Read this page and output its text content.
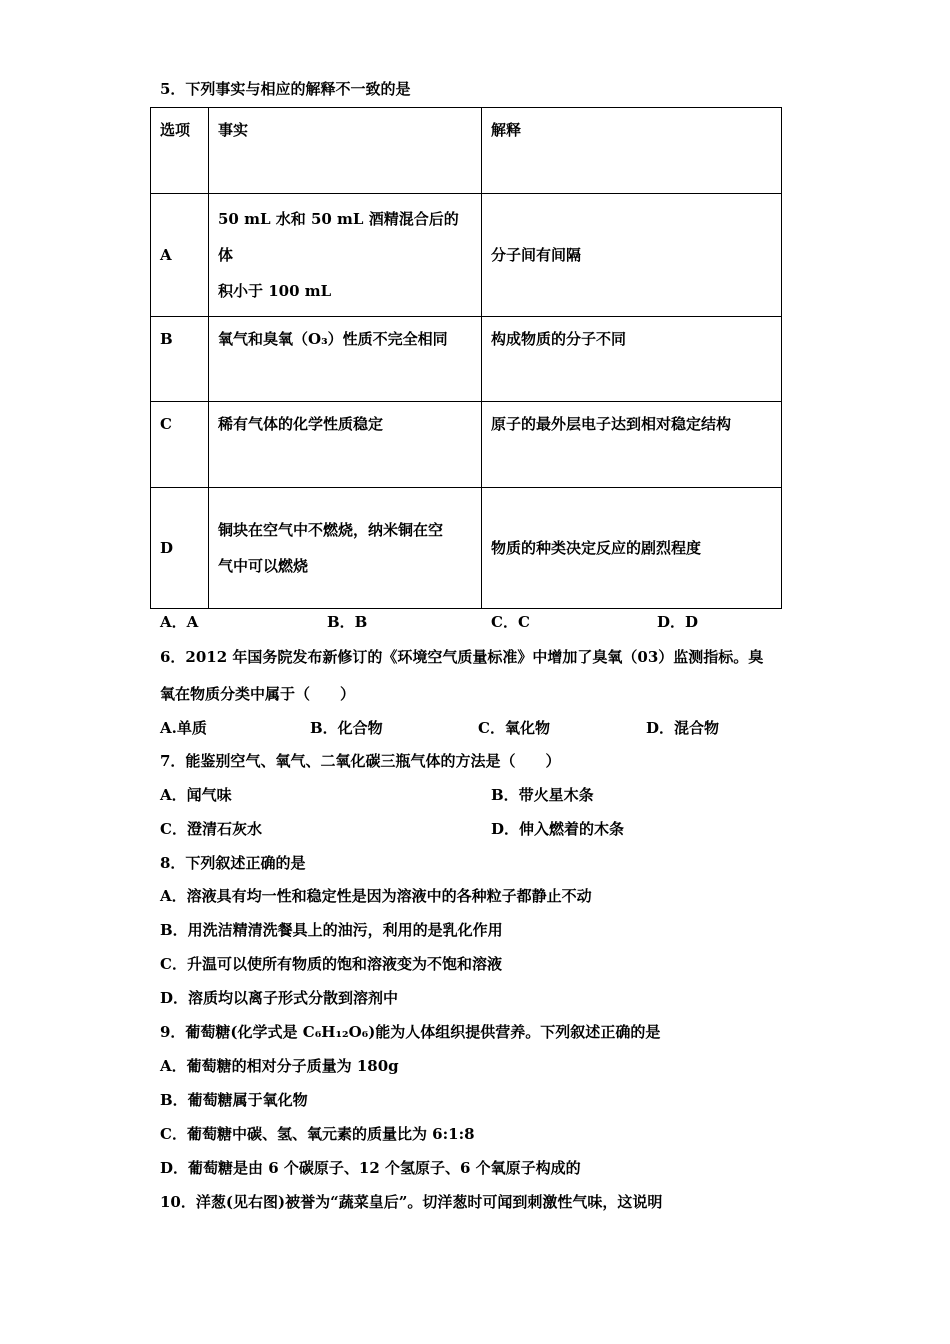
5．下列事实与相应的解释不一致的是
选项	事实	解释
A	50 mL 水和 50 mL 酒精混合后的体
积小于 100 mL	分子间有间隔
B	氧气和臭氧（O₃）性质不完全相同	构成物质的分子不同
C	稀有气体的化学性质稳定	原子的最外层电子达到相对稳定结构
D	铜块在空气中不燃烧，纳米铜在空
气中可以燃烧	物质的种类决定反应的剧烈程度
A．A	B．B	C．C	D．D
6．2012 年国务院发布新修订的《环境空气质量标准》中增加了臭氧（03）监测指标。臭
氧在物质分类中属于（　　）
A.单质	B．化合物	C．氧化物	D．混合物
7．能鉴别空气、氧气、二氧化碳三瓶气体的方法是（　　）
A．闻气味	B．带火星木条
C．澄清石灰水	D．伸入燃着的木条
8．下列叙述正确的是
A．溶液具有均一性和稳定性是因为溶液中的各种粒子都静止不动
B．用洗洁精清洗餐具上的油污，利用的是乳化作用
C．升温可以使所有物质的饱和溶液变为不饱和溶液
D．溶质均以离子形式分散到溶剂中
9．葡萄糖(化学式是 C₆H₁₂O₆)能为人体组织提供营养。下列叙述正确的是
A．葡萄糖的相对分子质量为 180g
B．葡萄糖属于氧化物
C．葡萄糖中碳、氢、氧元素的质量比为 6:1:8
D．葡萄糖是由 6 个碳原子、12 个氢原子、6 个氧原子构成的
10．洋葱(见右图)被誉为“蔬菜皇后”。切洋葱时可闻到刺激性气味，这说明
